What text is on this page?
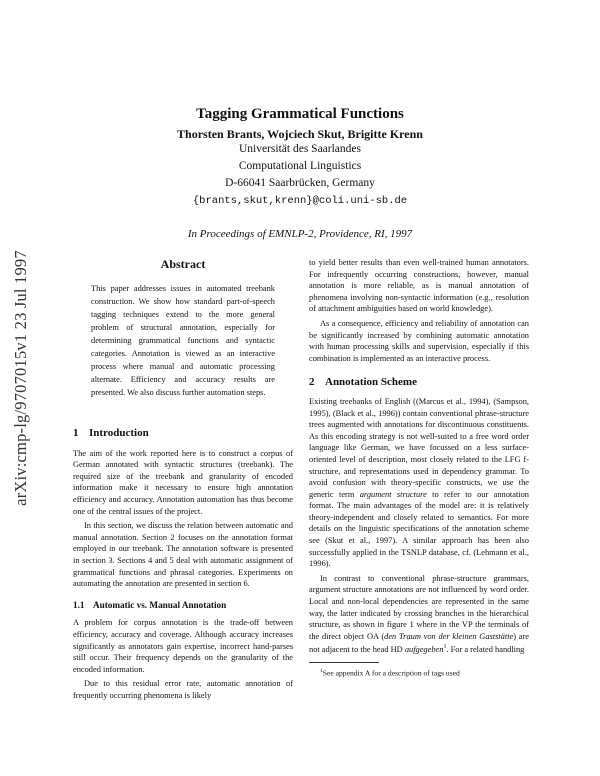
arXiv:cmp-lg/9707015v1 23 Jul 1997
Tagging Grammatical Functions
Thorsten Brants, Wojciech Skut, Brigitte Krenn
Universität des Saarlandes
Computational Linguistics
D-66041 Saarbrücken, Germany
{brants,skut,krenn}@coli.uni-sb.de
In Proceedings of EMNLP-2, Providence, RI, 1997
Abstract
This paper addresses issues in automated treebank construction. We show how standard part-of-speech tagging techniques extend to the more general problem of structural annotation, especially for determining grammatical functions and syntactic categories. Annotation is viewed as an interactive process where manual and automatic processing alternate. Efficiency and accuracy results are presented. We also discuss further automation steps.
1 Introduction

The aim of the work reported here is to construct a corpus of German annotated with syntactic structures (treebank). The required size of the treebank and granularity of encoded information make it necessary to ensure high annotation efficiency and accuracy. Annotation automation has thus become one of the central issues of the project.

In this section, we discuss the relation between automatic and manual annotation. Section 2 focuses on the annotation format employed in our treebank. The annotation software is presented in section 3. Sections 4 and 5 deal with automatic assignment of grammatical functions and phrasal categories. Experiments on automating the annotation are presented in section 6.

1.1 Automatic vs. Manual Annotation

A problem for corpus annotation is the trade-off between efficiency, accuracy and coverage. Although accuracy increases significantly as annotators gain expertise, incorrect hand-parses still occur. Their frequency depends on the granularity of the encoded information.

Due to this residual error rate, automatic annotation of frequently occurring phenomena is likely

to yield better results than even well-trained human annotators. For infrequently occurring constructions, however, manual annotation is more reliable, as is manual annotation of phenomena involving non-syntactic information (e.g., resolution of attachment ambiguities based on world knowledge).

As a consequence, efficiency and reliability of annotation can be significantly increased by combining automatic annotation with human processing skills and supervision, especially if this combination is implemented as an interactive process.

2 Annotation Scheme

Existing treebanks of English ((Marcus et al., 1994), (Sampson, 1995), (Black et al., 1996)) contain conventional phrase-structure trees augmented with annotations for discontinuous constituents. As this encoding strategy is not well-suited to a free word order language like German, we have focussed on a less surface-oriented level of description, most closely related to the LFG f-structure, and representations used in dependency grammar. To avoid confusion with theory-specific constructs, we use the generic term argument structure to refer to our annotation format. The main advantages of the model are: it is relatively theory-independent and closely related to semantics. For more details on the linguistic specifications of the annotation scheme see (Skut et al., 1997). A similar approach has been also successfully applied in the TSNLP database, cf. (Lehmann et al., 1996).

In contrast to conventional phrase-structure grammars, argument structure annotations are not influenced by word order. Local and non-local dependencies are represented in the same way, the latter indicated by crossing branches in the hierarchical structure, as shown in figure 1 where in the VP the terminals of the direct object OA (den Traum von der kleinen Gaststätte) are not adjacent to the head HD aufgegeben$^1$. For a related handling

$^1$See appendix A for a description of tags used
